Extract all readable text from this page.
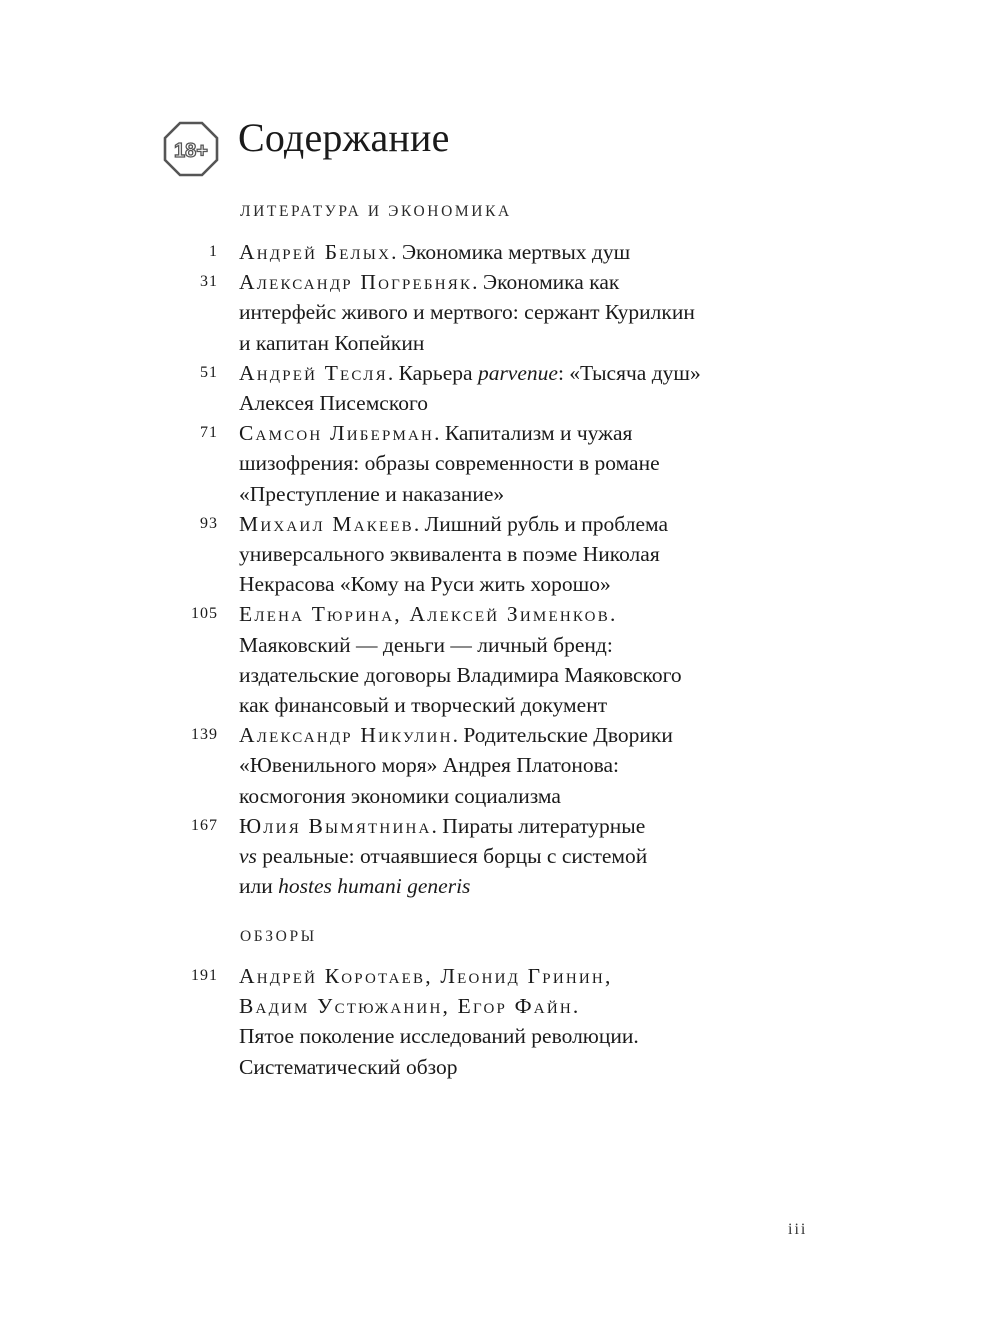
18+ Содержание
ЛИТЕРАТУРА И ЭКОНОМИКА
1 Андрей Белых. Экономика мертвых душ
31 Александр Погребняк. Экономика как
интерфейс живого и мертвого: сержант Курилкин
и капитан Копейкин
51 Андрей Тесля. Карьера parvenue: «Тысяча душ»
Алексея Писемского
71 Самсон Либерман. Капитализм и чужая
шизофрения: образы современности в романе
«Преступление и наказание»
93 Михаил Макеев. Лишний рубль и проблема
универсального эквивалента в поэме Николая
Некрасова «Кому на Руси жить хорошо»
105 Елена Тюрина, Алексей Зименков.
Маяковский — деньги — личный бренд:
издательские договоры Владимира Маяковского
как финансовый и творческий документ
139 Александр Никулин. Родительские Дворики
«Ювенильного моря» Андрея Платонова:
космогония экономики социализма
167 Юлия Вымятнина. Пираты литературные
vs реальные: отчаявшиеся борцы с системой
или hostes humani generis
ОБЗОРЫ
191 Андрей Коротаев, Леонид Гринин,
Вадим Устюжанин, Егор Файн.
Пятое поколение исследований революции.
Систематический обзор
iii
